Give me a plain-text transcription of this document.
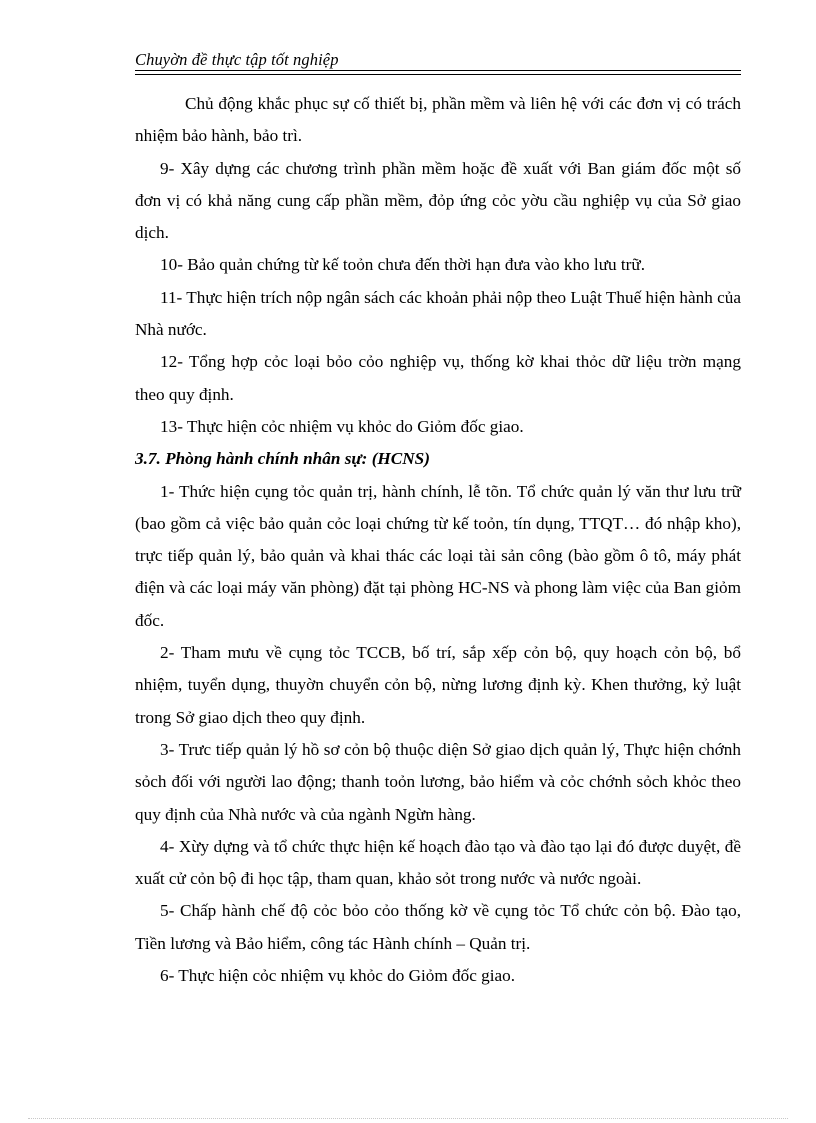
Chuyờn đề thực tập tốt nghiệp

Chủ động khắc phục sự cố thiết bị, phần mềm và liên hệ với các đơn vị có trách nhiệm bảo hành, bảo trì.

9- Xây dựng các chương trình phần mềm hoặc đề xuất với Ban giám đốc một số đơn vị có khả năng cung cấp phần mềm, đỏp ứng cỏc yờu cầu nghiệp vụ của Sở giao dịch.

10- Bảo quản chứng từ kế toỏn chưa đến thời hạn đưa vào kho lưu trữ.

11- Thực hiện trích nộp ngân sách các khoản phải nộp theo Luật Thuế hiện hành của Nhà nước.

12- Tổng hợp cỏc loại bỏo cỏo nghiệp vụ, thống kờ khai thỏc dữ liệu trờn mạng theo quy định.

13- Thực hiện cỏc nhiệm vụ khỏc do Giỏm đốc giao.

3.7. Phòng hành chính nhân sự: (HCNS)

1- Thức hiện cụng tỏc quản trị, hành chính, lễ tõn. Tổ chức quản lý văn thư lưu trữ (bao gồm cả việc bảo quản cỏc loại chứng từ kế toỏn, tín dụng, TTQT… đó nhập kho), trực tiếp quản lý, bảo quản và khai thác các loại tài sản công (bào gồm ô tô, máy phát điện và các loại máy văn phòng) đặt tại phòng HC-NS và phong làm việc của Ban giỏm đốc.

2- Tham mưu về cụng tỏc TCCB, bố trí, sắp xếp cỏn bộ, quy hoạch cỏn bộ, bổ nhiệm, tuyển dụng, thuyờn chuyển cỏn bộ, nừng lương định kỳ. Khen thưởng, kỷ luật trong Sở giao dịch theo quy định.

3- Trưc tiếp quản lý hồ sơ cỏn bộ thuộc diện Sở giao dịch quản lý, Thực hiện chớnh sỏch đối với người lao động; thanh toỏn lương, bảo hiểm và cỏc chớnh sỏch khỏc theo quy định của Nhà nước và của ngành Ngừn hàng.

4- Xừy dựng và tổ chức thực hiện kế hoạch đào tạo và đào tạo lại đó được duyệt, đề xuất cử cỏn bộ đi học tập, tham quan, khảo sỏt trong nước và nước ngoài.

5- Chấp hành chế độ cỏc bỏo cỏo thống kờ về cụng tỏc Tổ chức cỏn bộ. Đào tạo, Tiền lương và Bảo hiểm, công tác Hành chính – Quản trị.

6- Thực hiện cỏc nhiệm vụ khỏc do Giỏm đốc giao.
